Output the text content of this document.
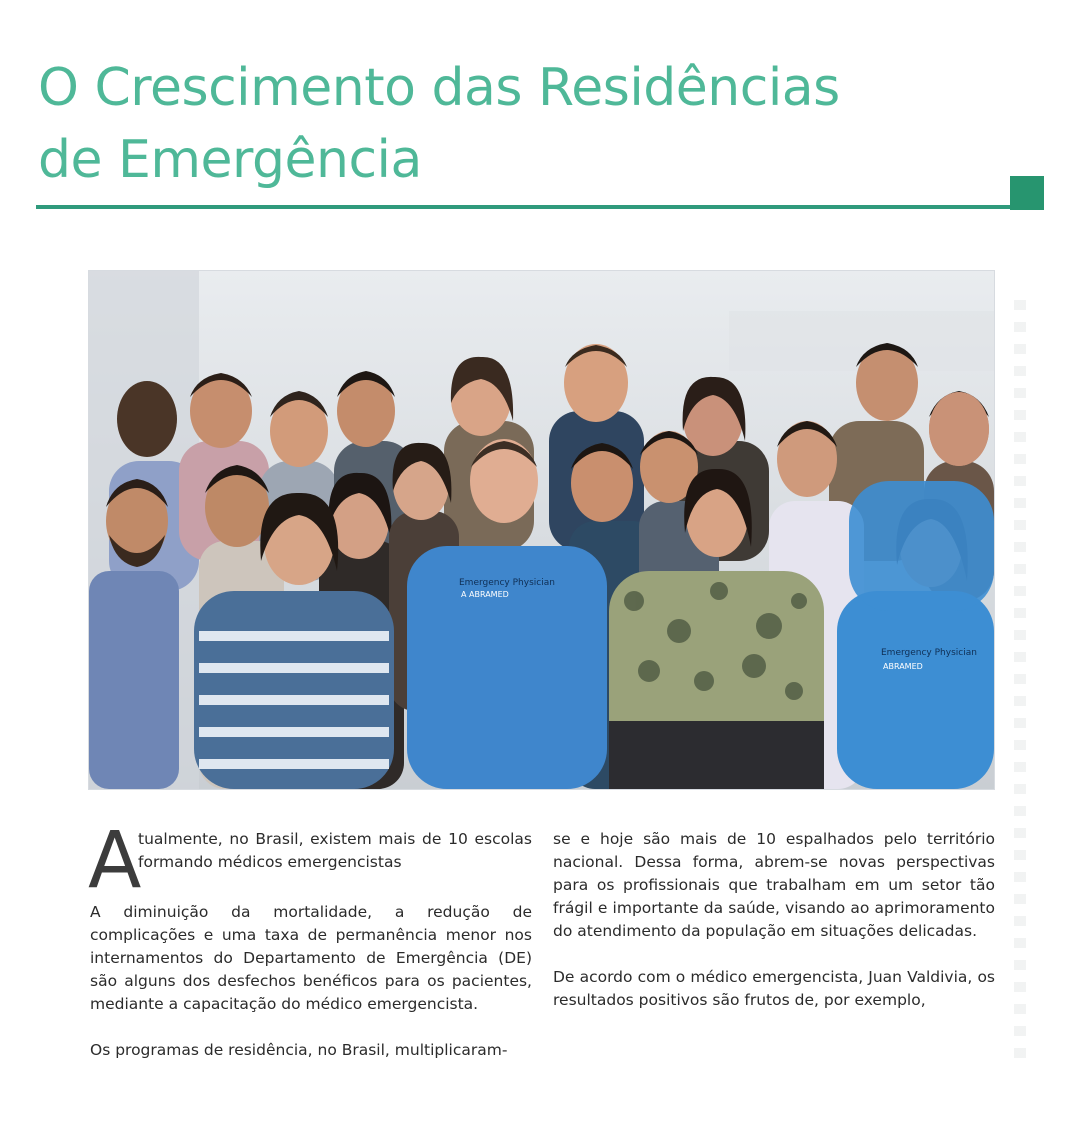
O Crescimento das Residências
de Emergência
Emergency Physician
A ABRAMED
Emergency Physician
ABRAMED

A
tualmente, no Brasil, existem mais de 10 escolas formando médicos emergencistas

A diminuição da mortalidade, a redução de complicações e uma taxa de permanência menor nos internamentos do Departamento de Emergência (DE) são alguns dos desfechos benéficos para os pacientes, mediante a capacitação do médico emergencista.

Os programas de residência, no Brasil, multiplicaram-

se e hoje são mais de 10 espalhados pelo território nacional. Dessa forma, abrem-se novas perspectivas para os profissionais que trabalham em um setor tão frágil e importante da saúde, visando ao aprimoramento do atendimento da população em situações delicadas.

De acordo com o médico emergencista, Juan Valdivia, os resultados positivos são frutos de, por exemplo,
